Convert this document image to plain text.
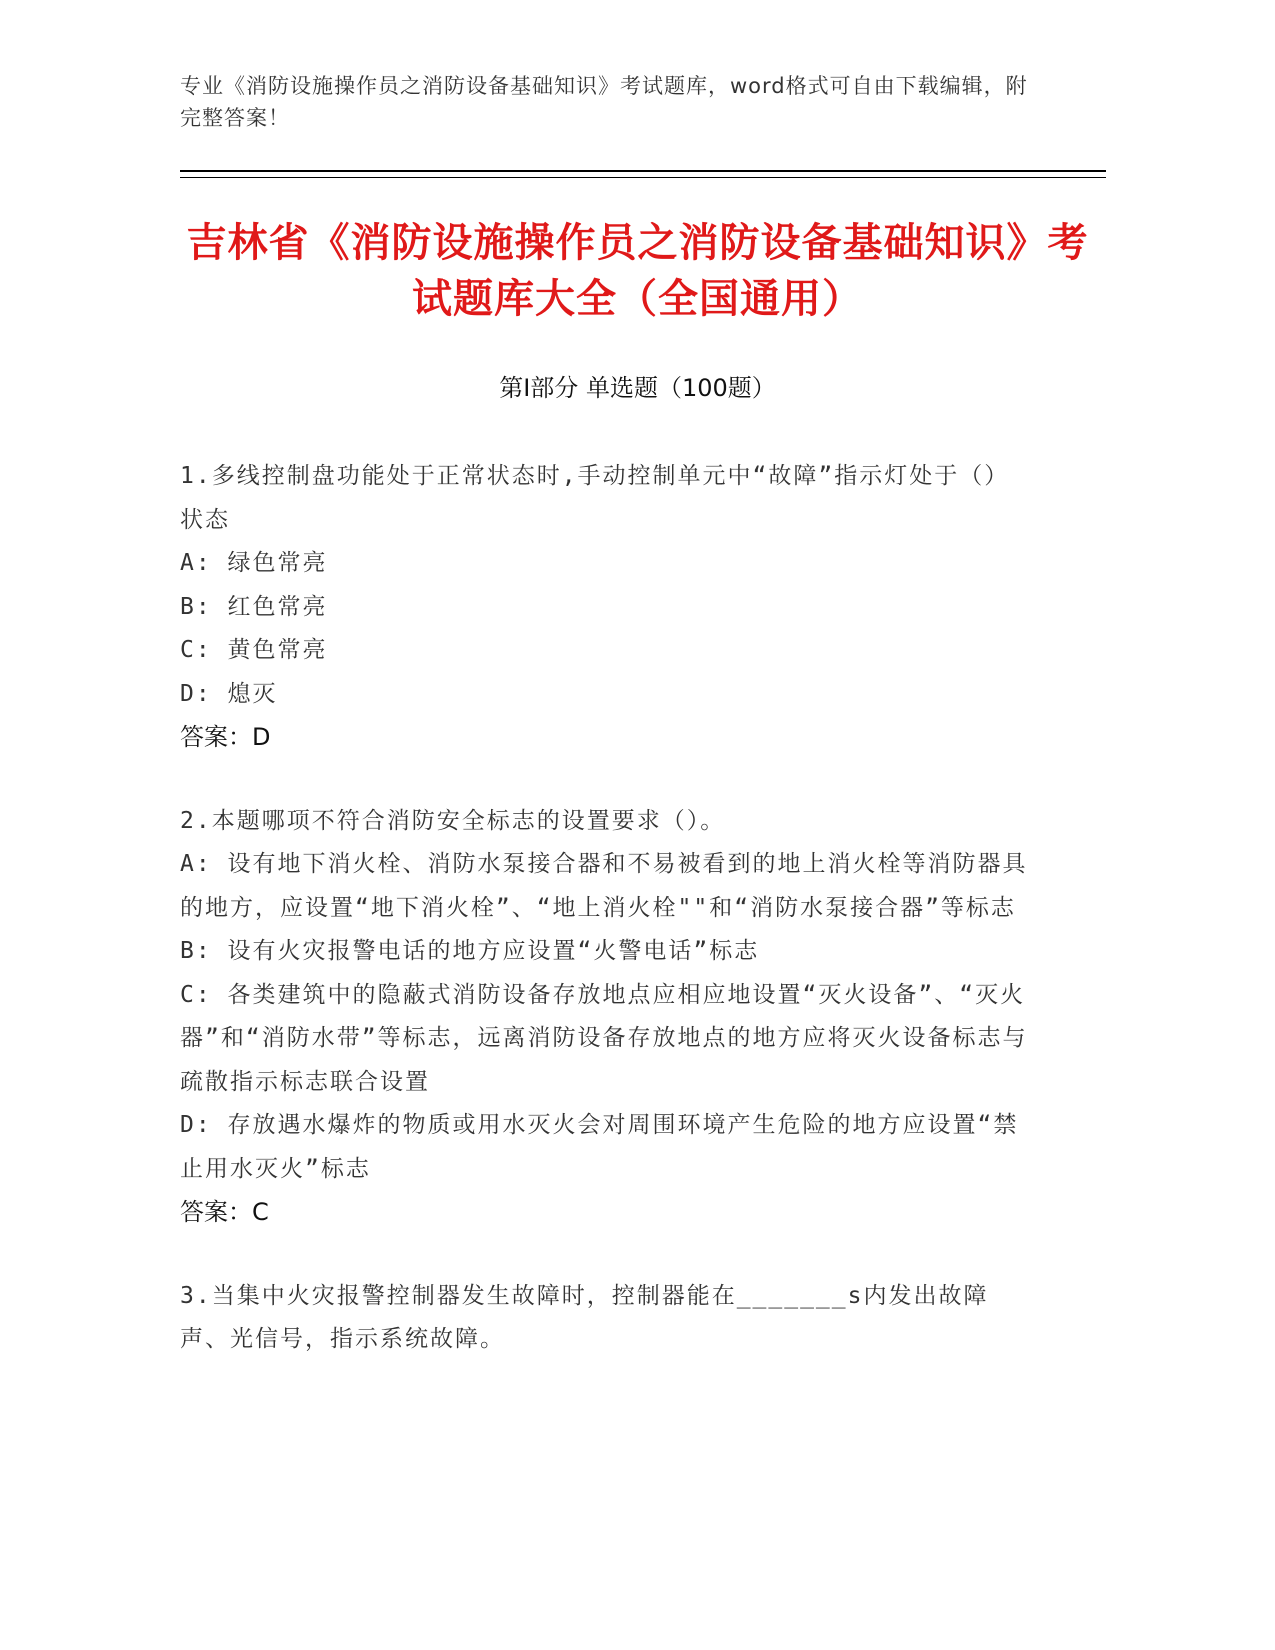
专业《消防设施操作员之消防设备基础知识》考试题库，word格式可自由下载编辑，附完整答案！
吉林省《消防设施操作员之消防设备基础知识》考试题库大全（全国通用）
第Ⅰ部分 单选题（100题）
1.多线控制盘功能处于正常状态时,手动控制单元中“故障”指示灯处于（）状态
A: 绿色常亮
B: 红色常亮
C: 黄色常亮
D: 熄灭
答案：D
2.本题哪项不符合消防安全标志的设置要求（）。
A: 设有地下消火栓、消防水泵接合器和不易被看到的地上消火栓等消防器具的地方，应设置“地下消火栓”、“地上消火栓""和“消防水泵接合器”等标志
B: 设有火灾报警电话的地方应设置“火警电话”标志
C: 各类建筑中的隐蔽式消防设备存放地点应相应地设置“灭火设备”、“灭火器”和“消防水带”等标志，远离消防设备存放地点的地方应将灭火设备标志与疏散指示标志联合设置
D: 存放遇水爆炸的物质或用水灭火会对周围环境产生危险的地方应设置“禁止用水灭火”标志
答案：C
3.当集中火灾报警控制器发生故障时，控制器能在_______s内发出故障声、光信号，指示系统故障。
